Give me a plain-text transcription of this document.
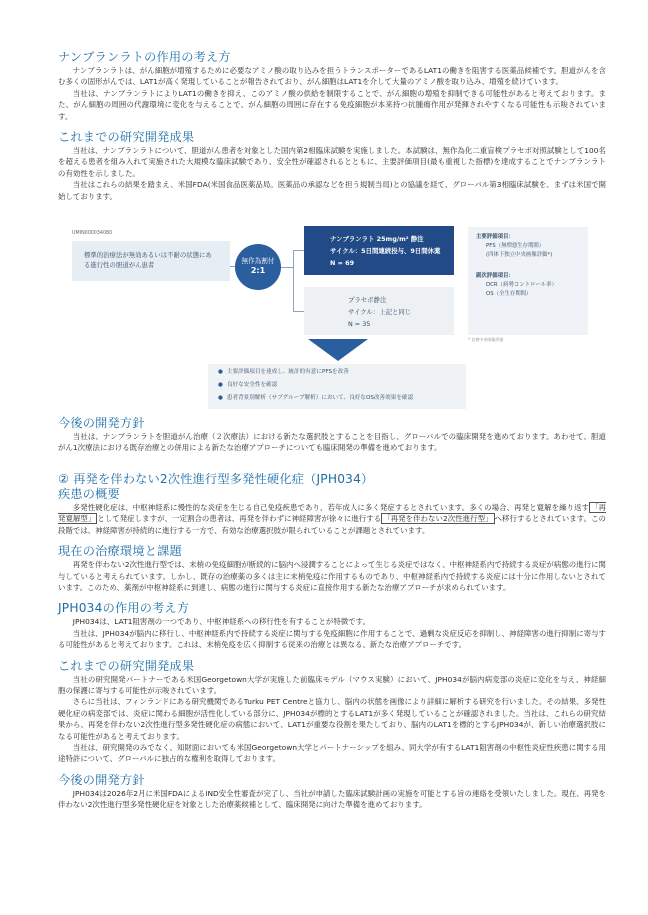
ナンブランラトの作用の考え方

ナンブランラトは、がん細胞が増殖するために必要なアミノ酸の取り込みを担うトランスポーターであるLAT1の働きを阻害する医薬品候補です。胆道がんを含む多くの固形がんでは、LAT1が高く発現していることが報告されており、がん細胞はLAT1を介して大量のアミノ酸を取り込み、増殖を続けています。

当社は、ナンブランラトによりLAT1の働きを抑え、このアミノ酸の供給を制限することで、がん細胞の増殖を抑制できる可能性があると考えております。また、がん細胞の周囲の代謝環境に変化を与えることで、がん細胞の周囲に存在する免疫細胞が本来持つ抗腫瘍作用が発揮されやすくなる可能性も示唆されています。

これまでの研究開発成果

当社は、ナンブランラトについて、胆道がん患者を対象とした国内第2相臨床試験を実施しました。本試験は、無作為化二重盲検プラセボ対照試験として100名を超える患者を組み入れて実施された大規模な臨床試験であり、安全性が確認されるとともに、主要評価項目(最も重視した指標)を達成することでナンブランラトの有効性を示しました。

当社はこれらの結果を踏まえ、米国FDA(米国食品医薬品局。医薬品の承認などを担う規制当局)との協議を経て、グローバル第3相臨床試験を、まずは米国で開始しております。

UMIN000034080
標準的治療法が無効あるいは不耐の状態にある進行性の胆道がん患者	無作為割付
2:1
ナンブランラト 25mg/m² 静注
サイクル：5日間連続投与、9日間休薬
N = 69
プラセボ静注
サイクル：上記と同じ
N = 35
主要評価項目：
PFS（無増悪生存期間）
(四体下独立中央画像評価*)
副次評価項目：
DCR（病勢コントロール率）
OS（全生存期間）
* 盲検中央画像評価
● 主要評価項目を達成し、統計的有意にPFSを改善
● 良好な安全性を確認
● 患者背景別解析（サブグループ解析）において、良好なOS改善効果を確認
今後の開発方針

当社は、ナンブランラトを胆道がん治療（２次療法）における新たな選択肢とすることを目指し、グローバルでの臨床開発を進めております。あわせて、胆道がん1次療法における既存治療との併用による新たな治療アプローチについても臨床開発の準備を進めております。

② 再発を伴わない2次性進行型多発性硬化症（JPH034）
疾患の概要

多発性硬化症は、中枢神経系に慢性的な炎症を生じる自己免疫疾患であり、若年成人に多く発症するとされています。多くの場合、再発と寛解を繰り返す 「再発寛解型」 として発症しますが、一定割合の患者は、再発を伴わずに神経障害が徐々に進行する 「再発を伴わない2次性進行型」 へ移行するとされています。この段階では、神経障害が持続的に進行する一方で、有効な治療選択肢が限られていることが課題とされています。

現在の治療環境と課題

再発を伴わない2次性進行型では、末梢の免疫細胞が断続的に脳内へ浸潤することによって生じる炎症ではなく、中枢神経系内で持続する炎症が病態の進行に関与していると考えられています。しかし、既存の治療薬の多くは主に末梢免疫に作用するものであり、中枢神経系内で持続する炎症には十分に作用しないとされています。このため、薬剤が中枢神経系に到達し、病態の進行に関与する炎症に直接作用する新たな治療アプローチが求められています。

JPH034の作用の考え方

JPH034は、LAT1阻害剤の一つであり、中枢神経系への移行性を有することが特徴です。

当社は、JPH034が脳内に移行し、中枢神経系内で持続する炎症に関与する免疫細胞に作用することで、過剰な炎症反応を抑制し、神経障害の進行抑制に寄与する可能性があると考えております。これは、末梢免疫を広く抑制する従来の治療とは異なる、新たな治療アプローチです。

これまでの研究開発成果

当社の研究開発パートナーである米国Georgetown大学が実施した前臨床モデル（マウス実験）において、JPH034が脳内病変部の炎症に変化を与え、神経細胞の保護に寄与する可能性が示唆されています。

さらに当社は、フィンランドにある研究機関であるTurku PET Centreと協力し、脳内の状態を画像により詳細に解析する研究を行いました。その結果、多発性硬化症の病変部では、炎症に関わる細胞が活性化している部分に、JPH034が標的とするLAT1が多く発現していることが確認されました。当社は、これらの研究結果から、再発を伴わない2次性進行型多発性硬化症の病態において、LAT1が重要な役割を果たしており、脳内のLAT1を標的とするJPH034が、新しい治療選択肢になる可能性があると考えております。

当社は、研究開発のみでなく、知財面においても米国Georgetown大学とパートナーシップを組み、同大学が有するLAT1阻害剤の中枢性炎症性疾患に関する用途特許について、グローバルに独占的な権利を取得しております。

今後の開発方針

JPH034は2026年2月に米国FDAによるIND安全性審査が完了し、当社が申請した臨床試験計画の実施を可能とする旨の連絡を受領いたしました。現在、再発を伴わない2次性進行型多発性硬化症を対象とした治療薬候補として、臨床開発に向けた準備を進めております。
